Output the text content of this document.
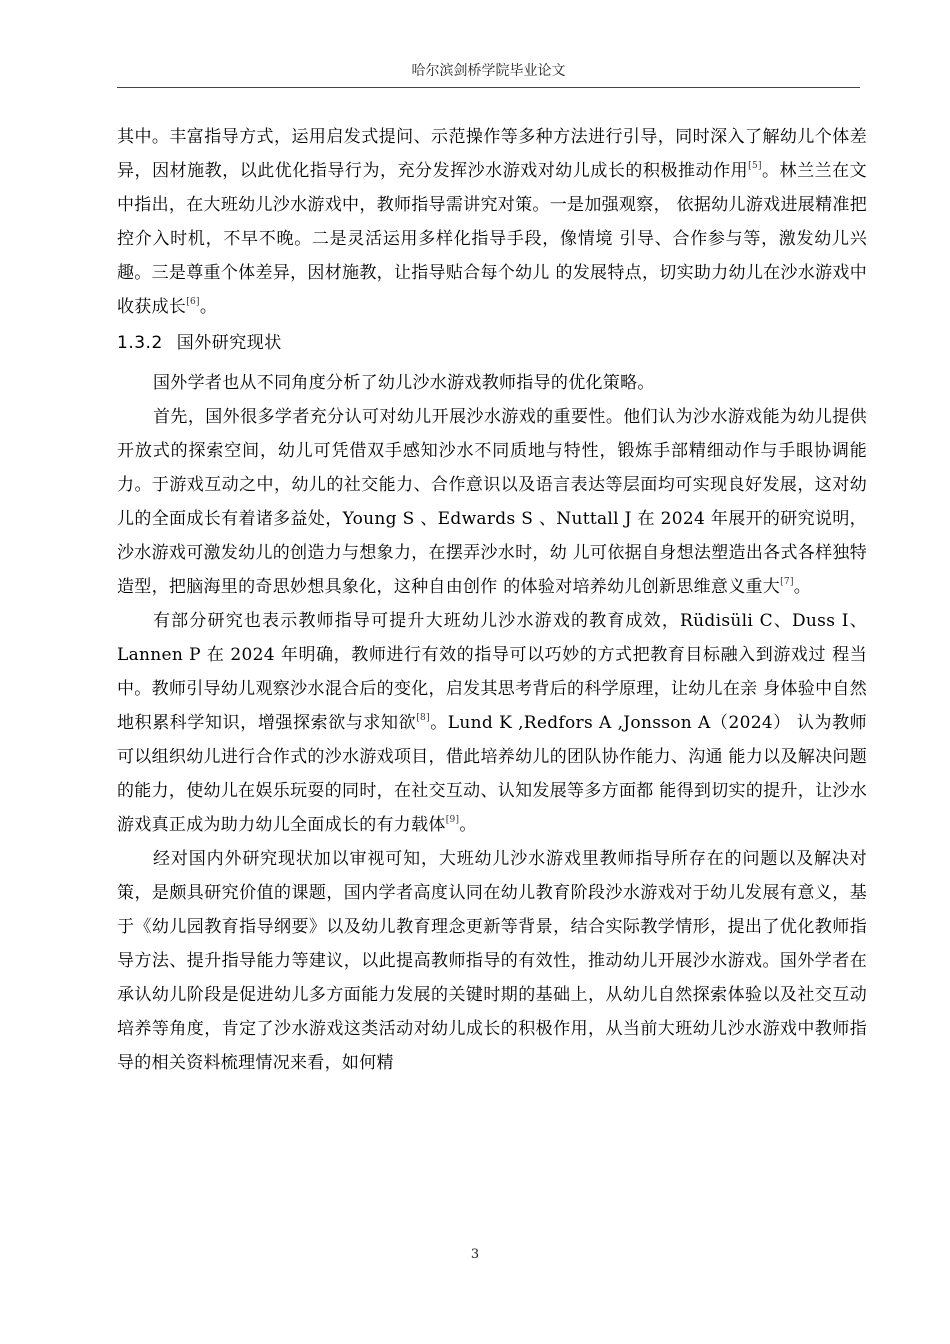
哈尔滨剑桥学院毕业论文

其中。丰富指导方式，运用启发式提问、示范操作等多种方法进行引导，同时深入了解幼儿个体差异，因材施教，以此优化指导行为，充分发挥沙水游戏对幼儿成长的积极推动作用[5]。林兰兰在文中指出，在大班幼儿沙水游戏中，教师指导需讲究对策。一是加强观察， 依据幼儿游戏进展精准把控介入时机，不早不晚。二是灵活运用多样化指导手段，像情境 引导、合作参与等，激发幼儿兴趣。三是尊重个体差异，因材施教，让指导贴合每个幼儿 的发展特点，切实助力幼儿在沙水游戏中收获成长[6]。

1.3.2 国外研究现状

国外学者也从不同角度分析了幼儿沙水游戏教师指导的优化策略。

首先，国外很多学者充分认可对幼儿开展沙水游戏的重要性。他们认为沙水游戏能为幼儿提供开放式的探索空间，幼儿可凭借双手感知沙水不同质地与特性，锻炼手部精细动作与手眼协调能力。于游戏互动之中，幼儿的社交能力、合作意识以及语言表达等层面均可实现良好发展，这对幼儿的全面成长有着诸多益处，Young S 、Edwards S 、Nuttall J 在 2024 年展开的研究说明，沙水游戏可激发幼儿的创造力与想象力，在摆弄沙水时，幼 儿可依据自身想法塑造出各式各样独特造型，把脑海里的奇思妙想具象化，这种自由创作 的体验对培养幼儿创新思维意义重大[7]。

有部分研究也表示教师指导可提升大班幼儿沙水游戏的教育成效，Rüdisüli C、Duss I、 Lannen P 在 2024 年明确，教师进行有效的指导可以巧妙的方式把教育目标融入到游戏过 程当中。教师引导幼儿观察沙水混合后的变化，启发其思考背后的科学原理，让幼儿在亲 身体验中自然地积累科学知识，增强探索欲与求知欲[8]。Lund K ,Redfors A ,Jonsson A（2024） 认为教师可以组织幼儿进行合作式的沙水游戏项目，借此培养幼儿的团队协作能力、沟通 能力以及解决问题的能力，使幼儿在娱乐玩耍的同时，在社交互动、认知发展等多方面都 能得到切实的提升，让沙水游戏真正成为助力幼儿全面成长的有力载体[9]。

经对国内外研究现状加以审视可知，大班幼儿沙水游戏里教师指导所存在的问题以及解决对策，是颇具研究价值的课题，国内学者高度认同在幼儿教育阶段沙水游戏对于幼儿发展有意义，基于《幼儿园教育指导纲要》以及幼儿教育理念更新等背景，结合实际教学情形，提出了优化教师指导方法、提升指导能力等建议，以此提高教师指导的有效性，推动幼儿开展沙水游戏。国外学者在承认幼儿阶段是促进幼儿多方面能力发展的关键时期的基础上，从幼儿自然探索体验以及社交互动培养等角度，肯定了沙水游戏这类活动对幼儿成长的积极作用，从当前大班幼儿沙水游戏中教师指导的相关资料梳理情况来看，如何精

3
